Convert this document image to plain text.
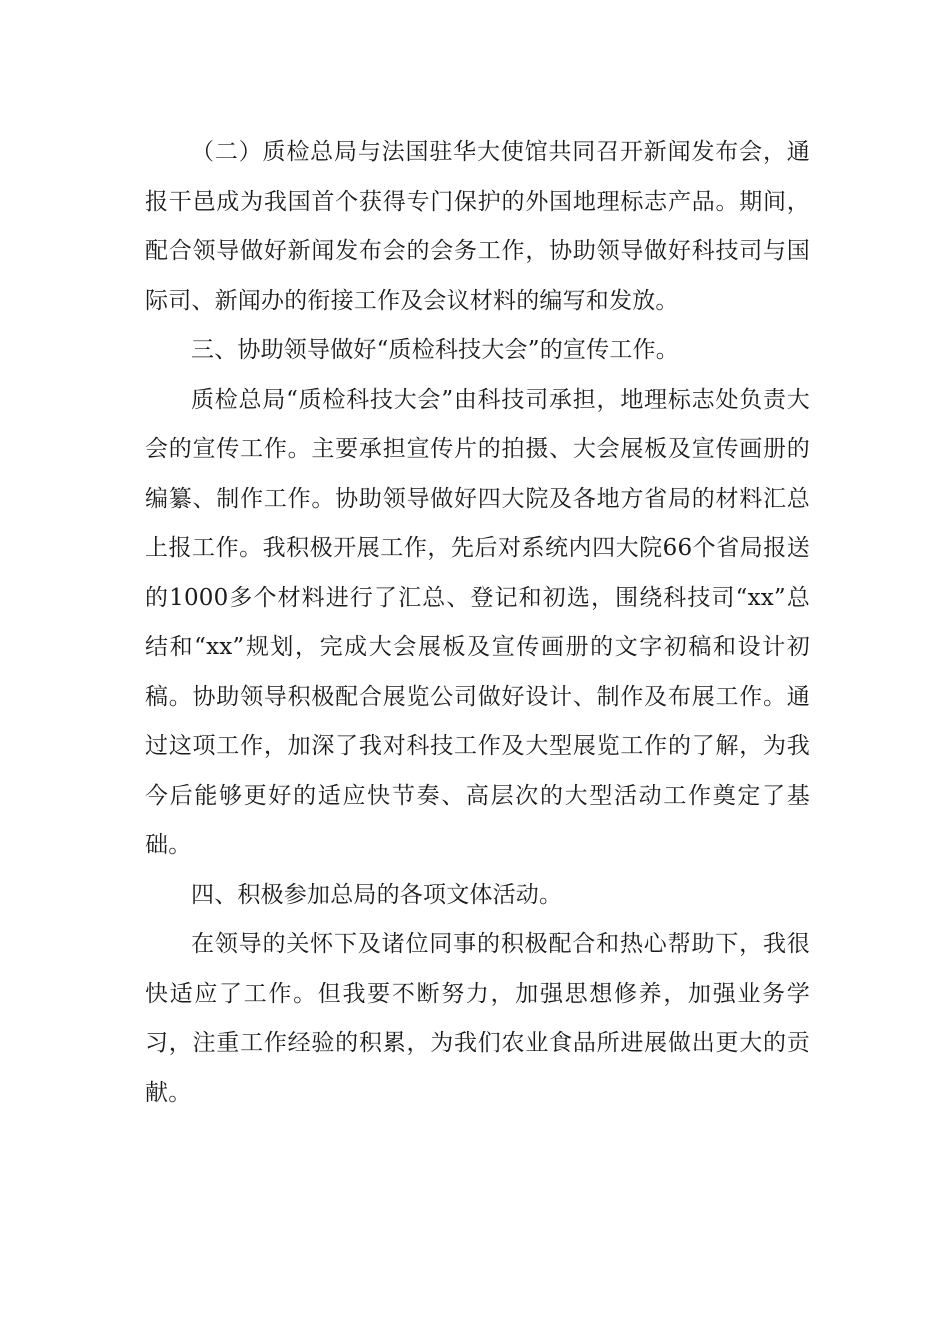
（二）质检总局与法国驻华大使馆共同召开新闻发布会，通报干邑成为我国首个获得专门保护的外国地理标志产品。期间，配合领导做好新闻发布会的会务工作，协助领导做好科技司与国际司、新闻办的衔接工作及会议材料的编写和发放。

三、协助领导做好“质检科技大会”的宣传工作。

质检总局“质检科技大会”由科技司承担，地理标志处负责大会的宣传工作。主要承担宣传片的拍摄、大会展板及宣传画册的编纂、制作工作。协助领导做好四大院及各地方省局的材料汇总上报工作。我积极开展工作，先后对系统内四大院66个省局报送的1000多个材料进行了汇总、登记和初选，围绕科技司“xx”总结和“xx”规划，完成大会展板及宣传画册的文字初稿和设计初稿。协助领导积极配合展览公司做好设计、制作及布展工作。通过这项工作，加深了我对科技工作及大型展览工作的了解，为我今后能够更好的适应快节奏、高层次的大型活动工作奠定了基础。

四、积极参加总局的各项文体活动。

在领导的关怀下及诸位同事的积极配合和热心帮助下，我很快适应了工作。但我要不断努力，加强思想修养，加强业务学习，注重工作经验的积累，为我们农业食品所进展做出更大的贡献。
